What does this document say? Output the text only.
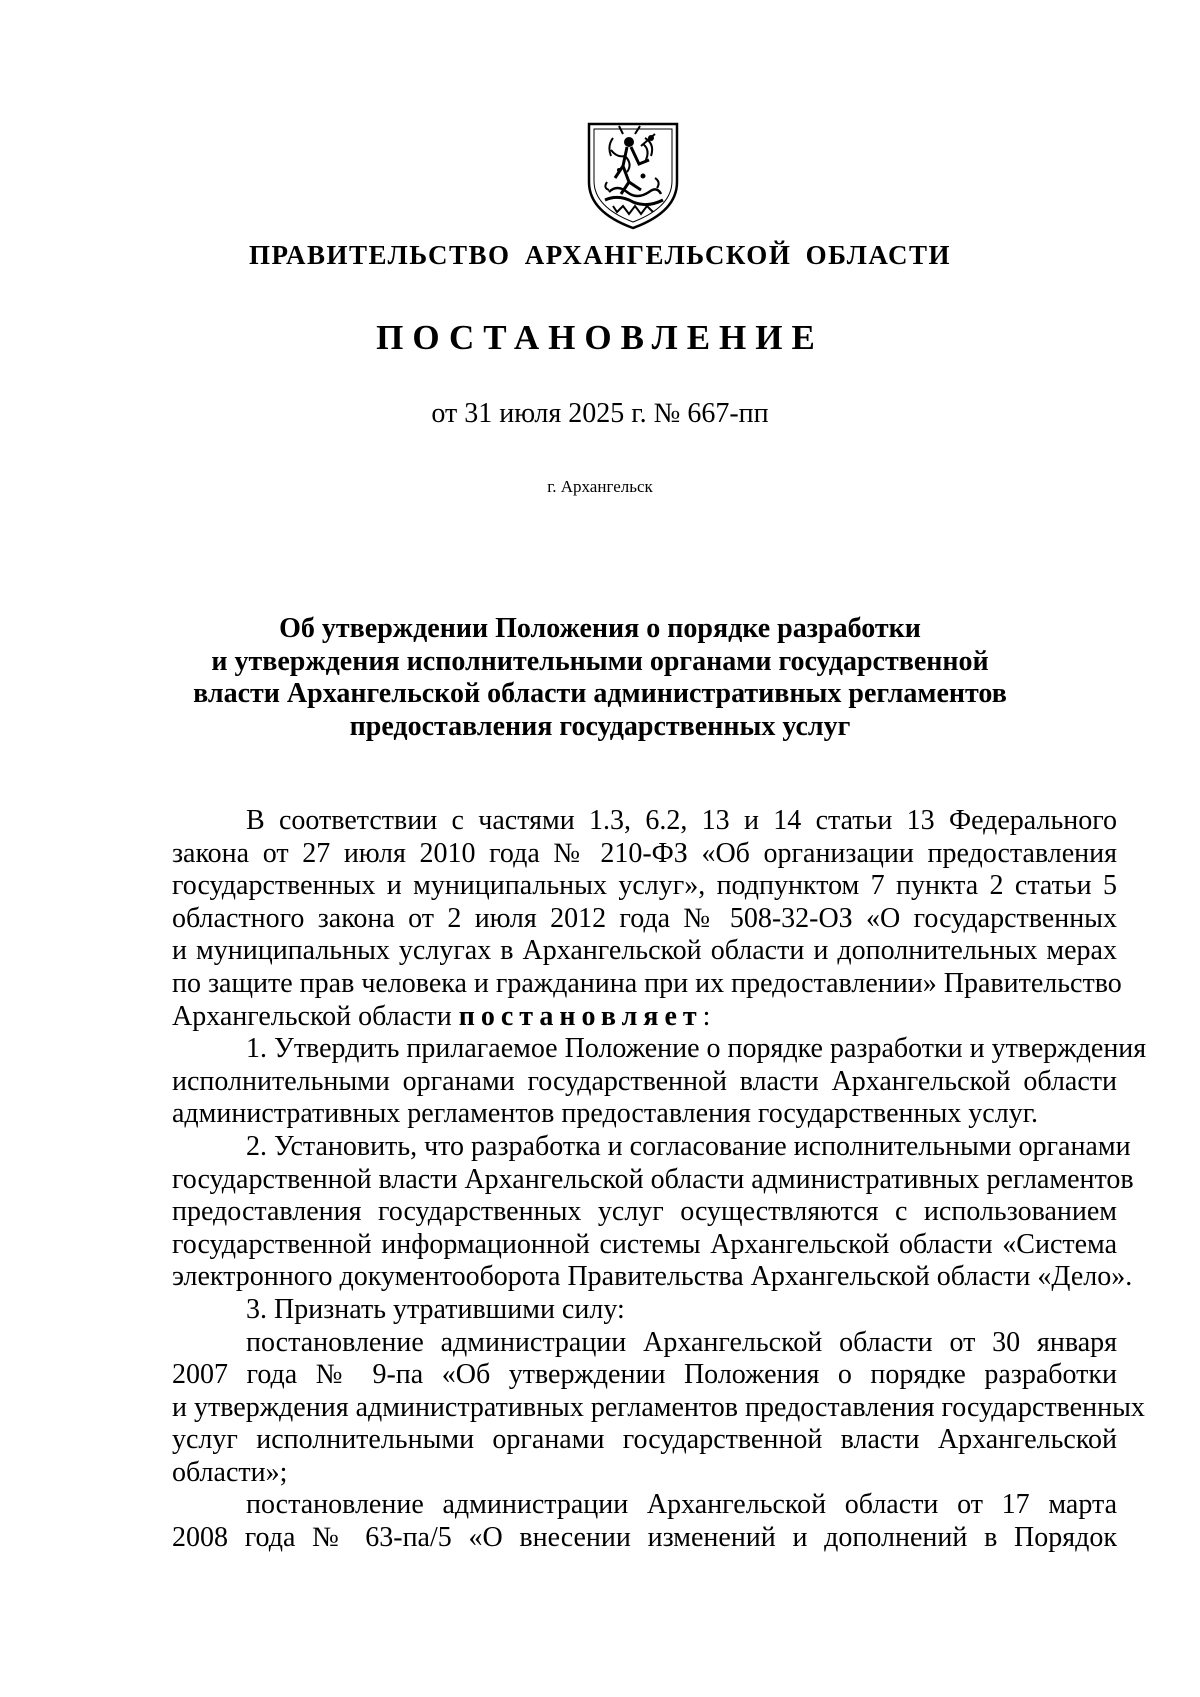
ПРАВИТЕЛЬСТВО АРХАНГЕЛЬСКОЙ ОБЛАСТИ
ПОСТАНОВЛЕНИЕ
от 31 июля 2025 г. № 667-пп
г. Архангельск
Об утверждении Положения о порядке разработки
и утверждения исполнительными органами государственной
власти Архангельской области административных регламентов
предоставления государственных услуг
В соответствии с частями 1.3, 6.2, 13 и 14 статьи 13 Федерального
закона от 27 июля 2010 года № 210-ФЗ «Об организации предоставления
государственных и муниципальных услуг», подпунктом 7 пункта 2 статьи 5
областного закона от 2 июля 2012 года № 508-32-ОЗ «О государственных
и муниципальных услугах в Архангельской области и дополнительных мерах
по защите прав человека и гражданина при их предоставлении» Правительство
Архангельской области постановляет:
1. Утвердить прилагаемое Положение о порядке разработки и утверждения
исполнительными органами государственной власти Архангельской области
административных регламентов предоставления государственных услуг.
2. Установить, что разработка и согласование исполнительными органами
государственной власти Архангельской области административных регламентов
предоставления государственных услуг осуществляются с использованием
государственной информационной системы Архангельской области «Система
электронного документооборота Правительства Архангельской области «Дело».
3. Признать утратившими силу:
постановление администрации Архангельской области от 30 января
2007 года № 9-па «Об утверждении Положения о порядке разработки
и утверждения административных регламентов предоставления государственных
услуг исполнительными органами государственной власти Архангельской
области»;
постановление администрации Архангельской области от 17 марта
2008 года № 63-па/5 «О внесении изменений и дополнений в Порядок
